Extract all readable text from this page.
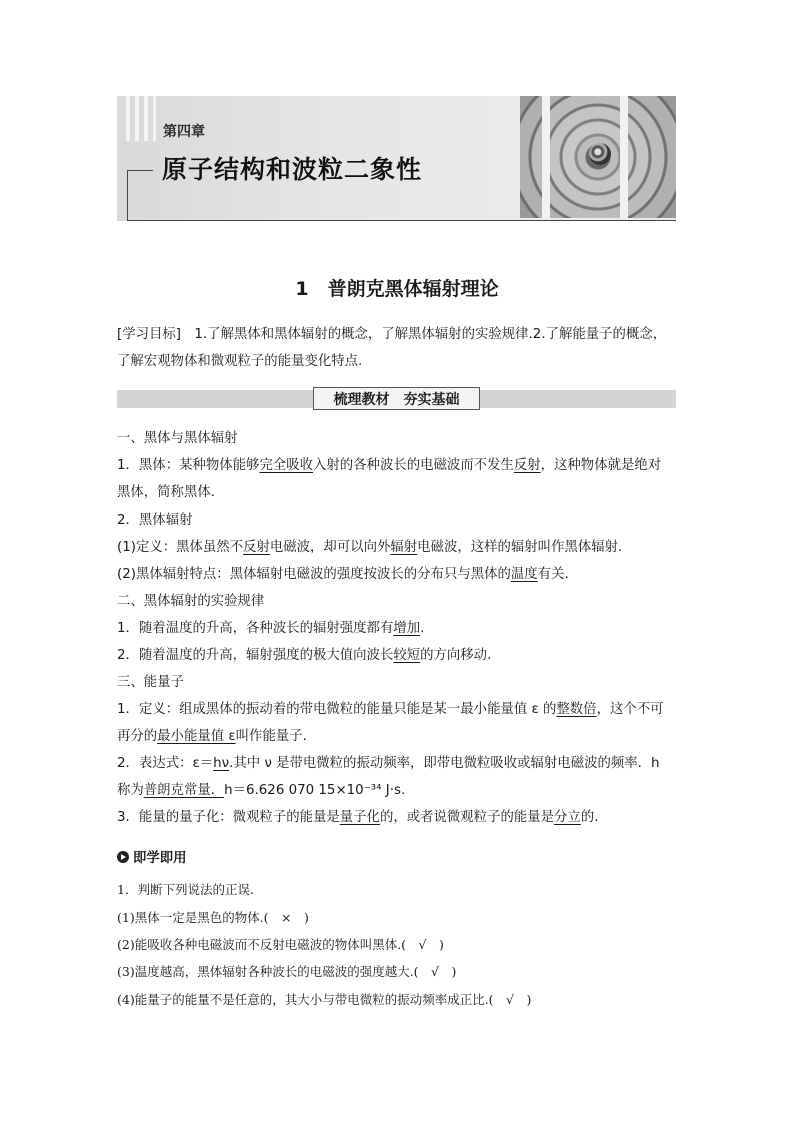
第四章
原子结构和波粒二象性
1　普朗克黑体辐射理论
[学习目标]　1.了解黑体和黑体辐射的概念，了解黑体辐射的实验规律.2.了解能量子的概念，
了解宏观物体和微观粒子的能量变化特点.
梳理教材　夯实基础
一、黑体与黑体辐射
1．黑体：某种物体能够完全吸收入射的各种波长的电磁波而不发生反射，这种物体就是绝对
黑体，简称黑体.
2．黑体辐射
(1)定义：黑体虽然不反射电磁波，却可以向外辐射电磁波，这样的辐射叫作黑体辐射.
(2)黑体辐射特点：黑体辐射电磁波的强度按波长的分布只与黑体的温度有关.
二、黑体辐射的实验规律
1．随着温度的升高，各种波长的辐射强度都有增加.
2．随着温度的升高，辐射强度的极大值向波长较短的方向移动.
三、能量子
1．定义：组成黑体的振动着的带电微粒的能量只能是某一最小能量值 ε 的整数倍，这个不可
再分的最小能量值 ε叫作能量子.
2．表达式：ε＝hν.其中 ν 是带电微粒的振动频率，即带电微粒吸收或辐射电磁波的频率．h
称为普朗克常量．h＝6.626 070 15×10⁻³⁴ J·s.
3．能量的量子化：微观粒子的能量是量子化的，或者说微观粒子的能量是分立的.
即学即用
1．判断下列说法的正误.
(1)黑体一定是黑色的物体.(　×　)
(2)能吸收各种电磁波而不反射电磁波的物体叫黑体.(　√　)
(3)温度越高，黑体辐射各种波长的电磁波的强度越大.(　√　)
(4)能量子的能量不是任意的，其大小与带电微粒的振动频率成正比.(　√　)
